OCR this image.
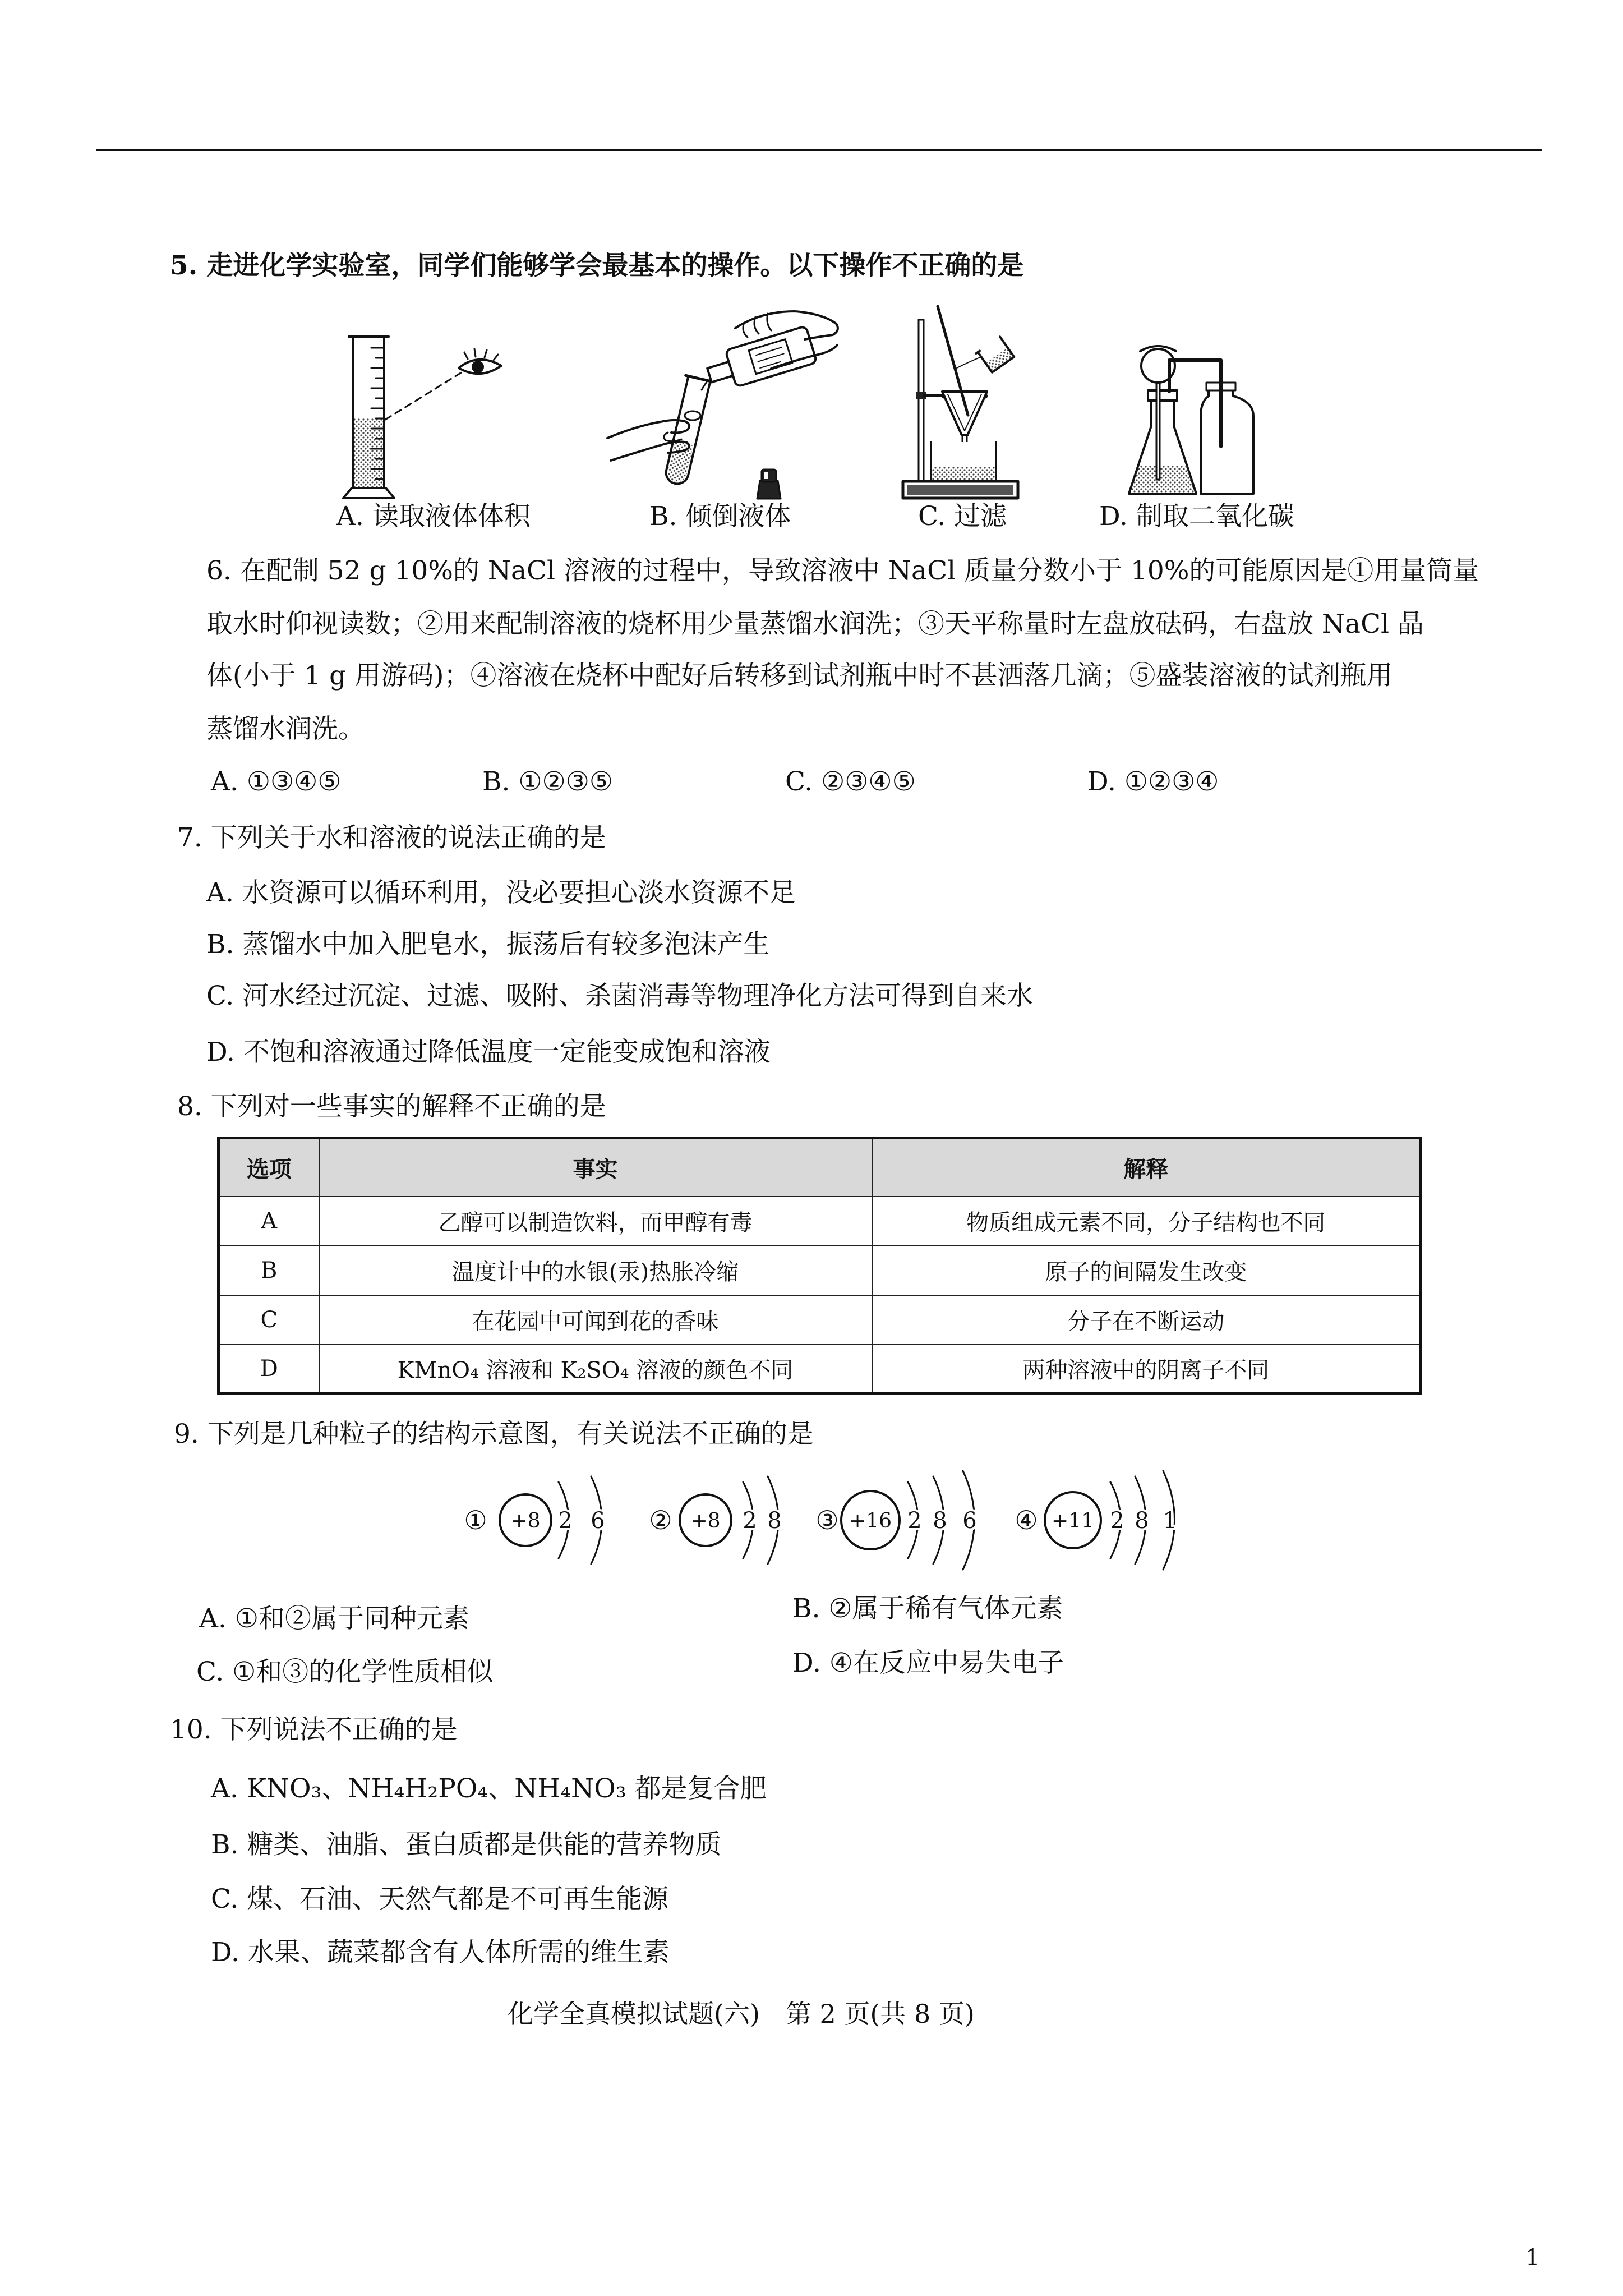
5. 走进化学实验室，同学们能够学会最基本的操作。以下操作不正确的是
A. 读取液体体积	B. 倾倒液体	C. 过滤	D. 制取二氧化碳
6. 在配制 52 g 10%的 NaCl 溶液的过程中，导致溶液中 NaCl 质量分数小于 10%的可能原因是①用量筒量
取水时仰视读数；②用来配制溶液的烧杯用少量蒸馏水润洗；③天平称量时左盘放砝码，右盘放 NaCl 晶
体(小于 1 g 用游码)；④溶液在烧杯中配好后转移到试剂瓶中时不甚洒落几滴；⑤盛装溶液的试剂瓶用
蒸馏水润洗。
A. ①③④⑤	B. ①②③⑤	C. ②③④⑤	D. ①②③④
7. 下列关于水和溶液的说法正确的是
A. 水资源可以循环利用，没必要担心淡水资源不足
B. 蒸馏水中加入肥皂水，振荡后有较多泡沫产生
C. 河水经过沉淀、过滤、吸附、杀菌消毒等物理净化方法可得到自来水
D. 不饱和溶液通过降低温度一定能变成饱和溶液
8. 下列对一些事实的解释不正确的是
选项	事实	解释
A	乙醇可以制造饮料，而甲醇有毒	物质组成元素不同，分子结构也不同
B	温度计中的水银(汞)热胀冷缩	原子的间隔发生改变
C	在花园中可闻到花的香味	分子在不断运动
D	KMnO₄ 溶液和 K₂SO₄ 溶液的颜色不同	两种溶液中的阴离子不同
9. 下列是几种粒子的结构示意图，有关说法不正确的是
① +8 2 6 ② +8 2 8 ③ +16 2 8 6 ④ +11 2 8 1
A. ①和②属于同种元素	B. ②属于稀有气体元素
C. ①和③的化学性质相似	D. ④在反应中易失电子
10. 下列说法不正确的是
A. KNO₃、NH₄H₂PO₄、NH₄NO₃ 都是复合肥
B. 糖类、油脂、蛋白质都是供能的营养物质
C. 煤、石油、天然气都是不可再生能源
D. 水果、蔬菜都含有人体所需的维生素
化学全真模拟试题(六)　第 2 页(共 8 页)
1
